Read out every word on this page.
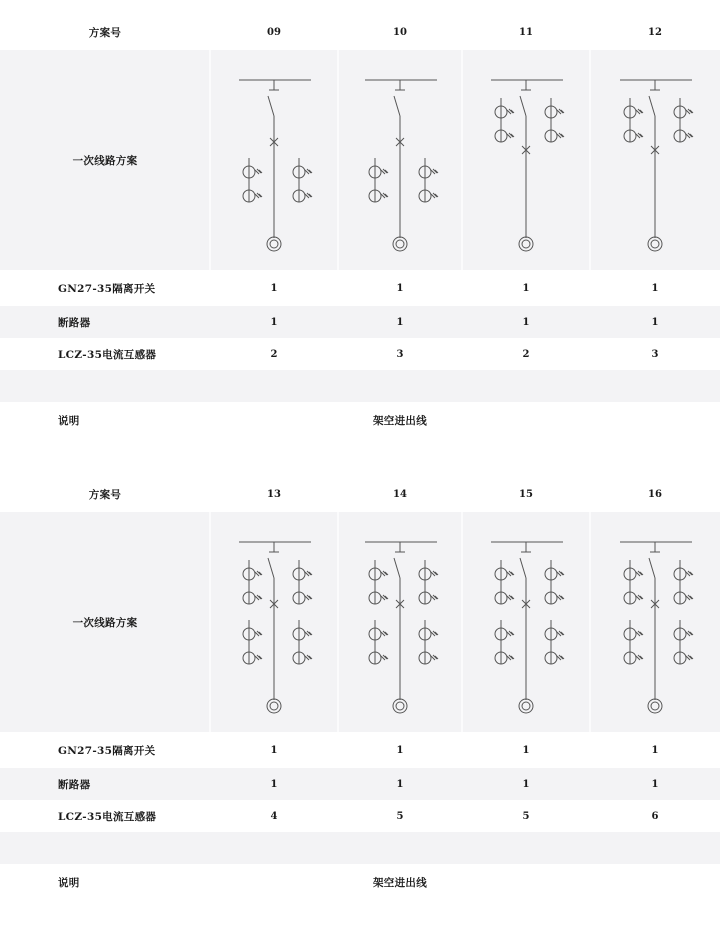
方案号	09	10	11	12
一次线路方案
GN27-35隔离开关	1	1	1	1
断路器	1	1	1	1
LCZ-35电流互感器	2	3	2	3
说明	架空进出线
方案号	13	14	15	16
一次线路方案
GN27-35隔离开关	1	1	1	1
断路器	1	1	1	1
LCZ-35电流互感器	4	5	5	6
说明	架空进出线
